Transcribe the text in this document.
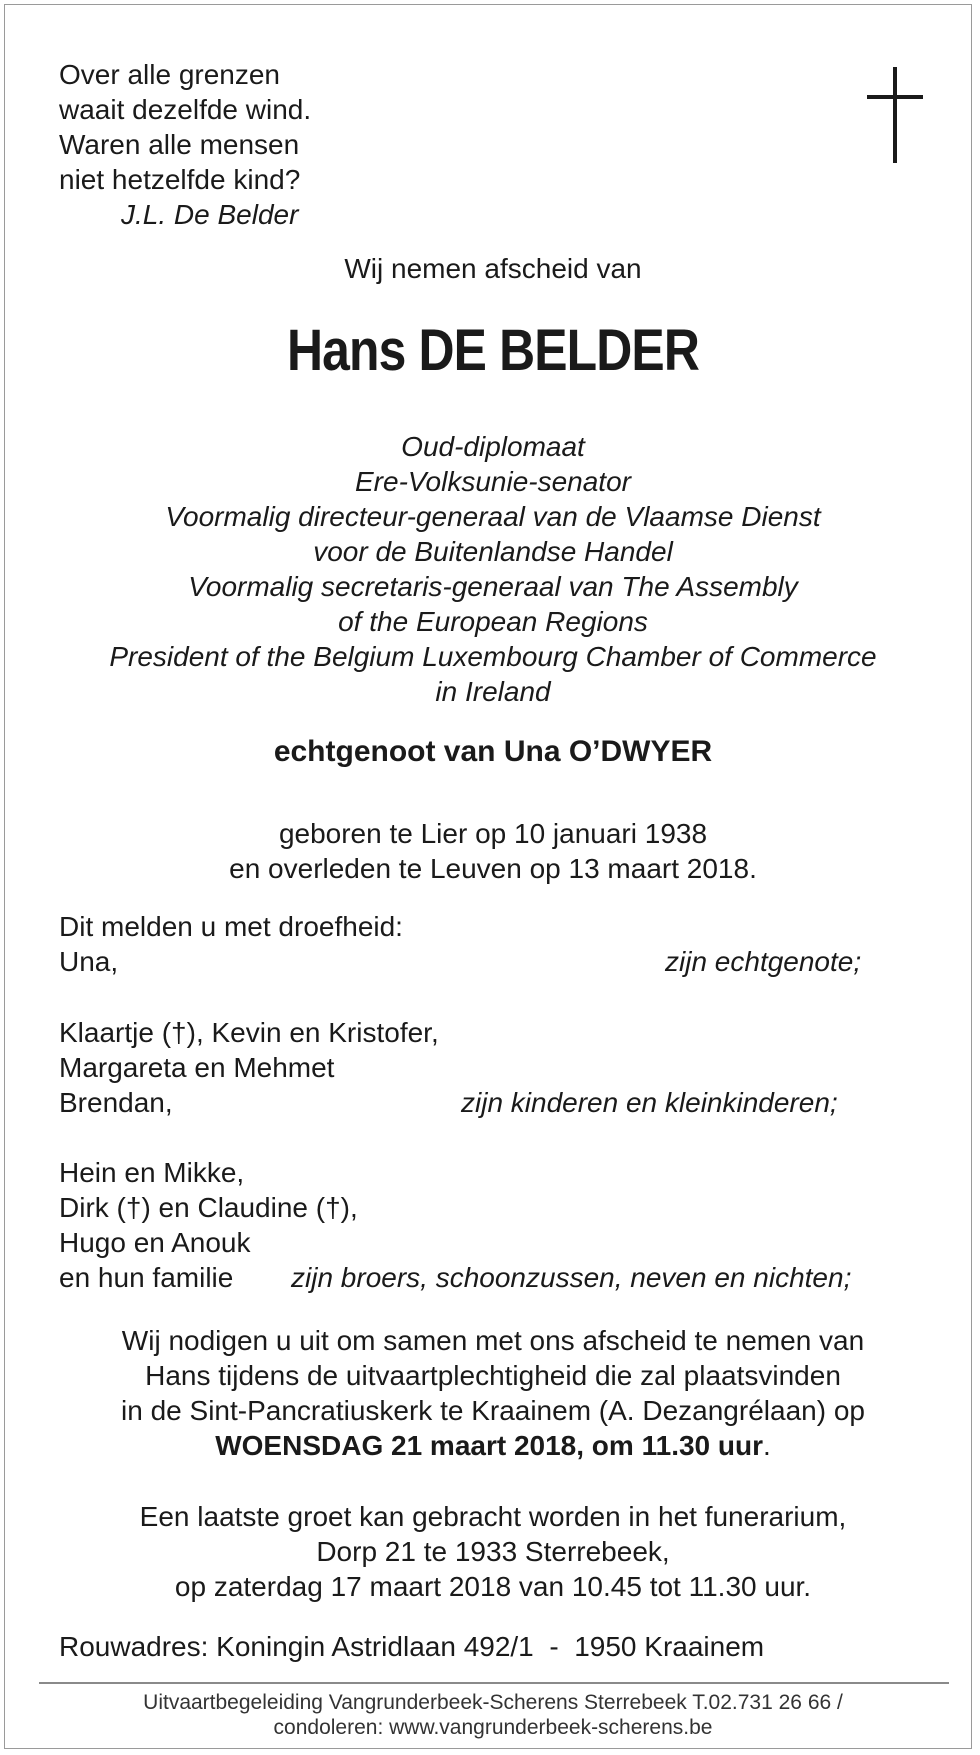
Over alle grenzen
waait dezelfde wind.
Waren alle mensen
niet hetzelfde kind?
J.L. De Belder
Wij nemen afscheid van
Hans DE BELDER
Oud-diplomaat
Ere-Volksunie-senator
Voormalig directeur-generaal van de Vlaamse Dienst
voor de Buitenlandse Handel
Voormalig secretaris-generaal van The Assembly
of the European Regions
President of the Belgium Luxembourg Chamber of Commerce
in Ireland
echtgenoot van Una O’DWYER
geboren te Lier op 10 januari 1938
en overleden te Leuven op 13 maart 2018.
Dit melden u met droefheid:
Una,	zijn echtgenote;
Klaartje (†), Kevin en Kristofer,
Margareta en Mehmet
Brendan,	zijn kinderen en kleinkinderen;
Hein en Mikke,
Dirk (†) en Claudine (†),
Hugo en Anouk
en hun familie zijn broers, schoonzussen, neven en nichten;
Wij nodigen u uit om samen met ons afscheid te nemen van
Hans tijdens de uitvaartplechtigheid die zal plaatsvinden
in de Sint-Pancratiuskerk te Kraainem (A. Dezangrélaan) op
WOENSDAG 21 maart 2018, om 11.30 uur.
Een laatste groet kan gebracht worden in het funerarium,
Dorp 21 te 1933 Sterrebeek,
op zaterdag 17 maart 2018 van 10.45 tot 11.30 uur.
Rouwadres: Koningin Astridlaan 492/1  -  1950 Kraainem
Uitvaartbegeleiding Vangrunderbeek-Scherens Sterrebeek T.02.731 26 66 /
condoleren: www.vangrunderbeek-scherens.be
